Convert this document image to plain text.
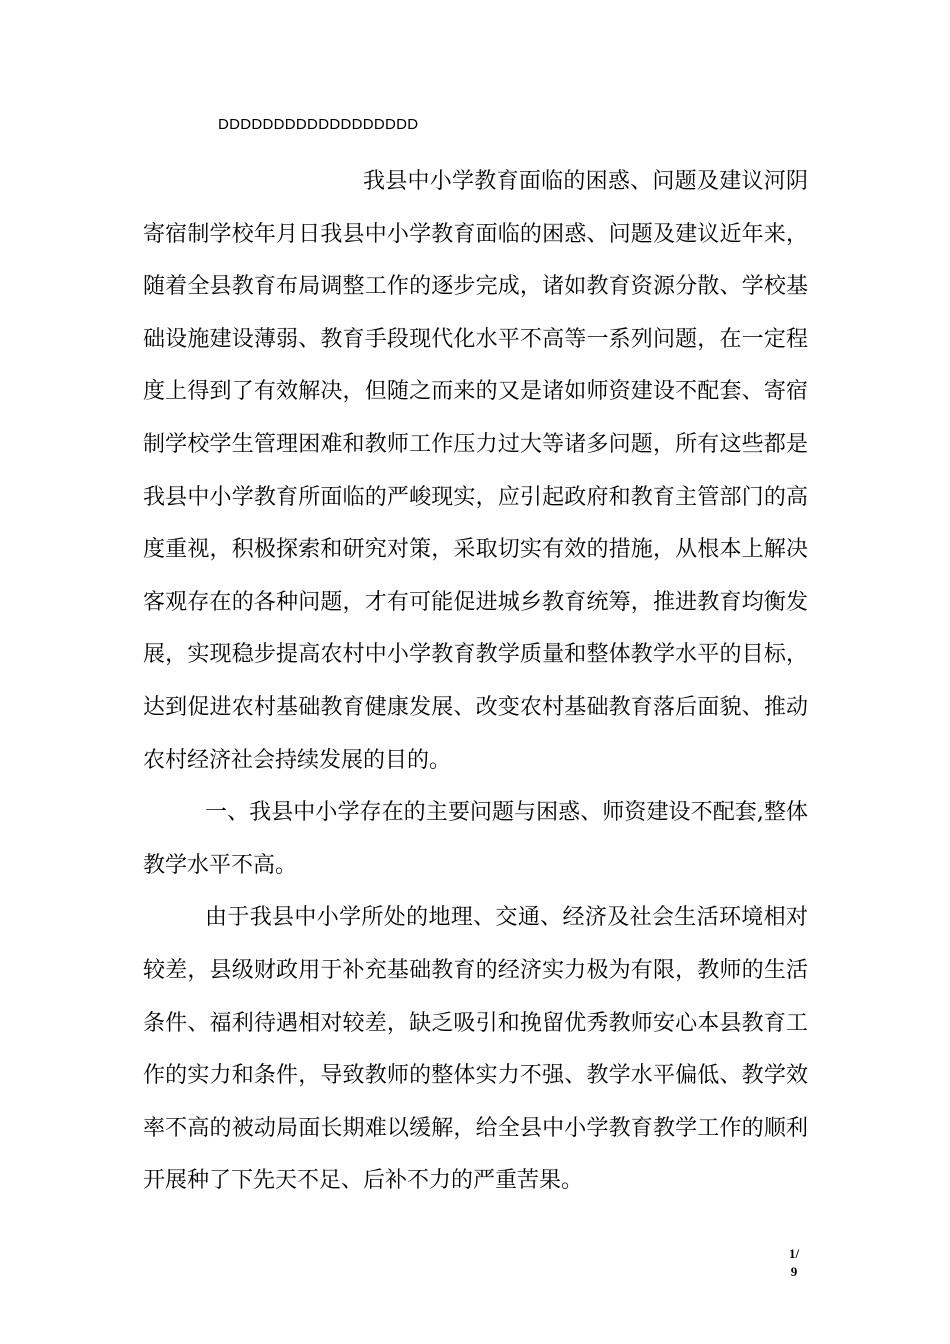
DDDDDDDDDDDDDDDDDD

我县中小学教育面临的困惑、问题及建议河阴寄宿制学校年月日我县中小学教育面临的困惑、问题及建议近年来，随着全县教育布局调整工作的逐步完成，诸如教育资源分散、学校基础设施建设薄弱、教育手段现代化水平不高等一系列问题，在一定程度上得到了有效解决，但随之而来的又是诸如师资建设不配套、寄宿制学校学生管理困难和教师工作压力过大等诸多问题，所有这些都是我县中小学教育所面临的严峻现实，应引起政府和教育主管部门的高度重视，积极探索和研究对策，采取切实有效的措施，从根本上解决客观存在的各种问题，才有可能促进城乡教育统筹，推进教育均衡发展，实现稳步提高农村中小学教育教学质量和整体教学水平的目标，达到促进农村基础教育健康发展、改变农村基础教育落后面貌、推动农村经济社会持续发展的目的。

一、我县中小学存在的主要问题与困惑、师资建设不配套,整体教学水平不高。

由于我县中小学所处的地理、交通、经济及社会生活环境相对较差，县级财政用于补充基础教育的经济实力极为有限，教师的生活条件、福利待遇相对较差，缺乏吸引和挽留优秀教师安心本县教育工作的实力和条件，导致教师的整体实力不强、教学水平偏低、教学效率不高的被动局面长期难以缓解，给全县中小学教育教学工作的顺利开展种了下先天不足、后补不力的严重苦果。

1/
9
